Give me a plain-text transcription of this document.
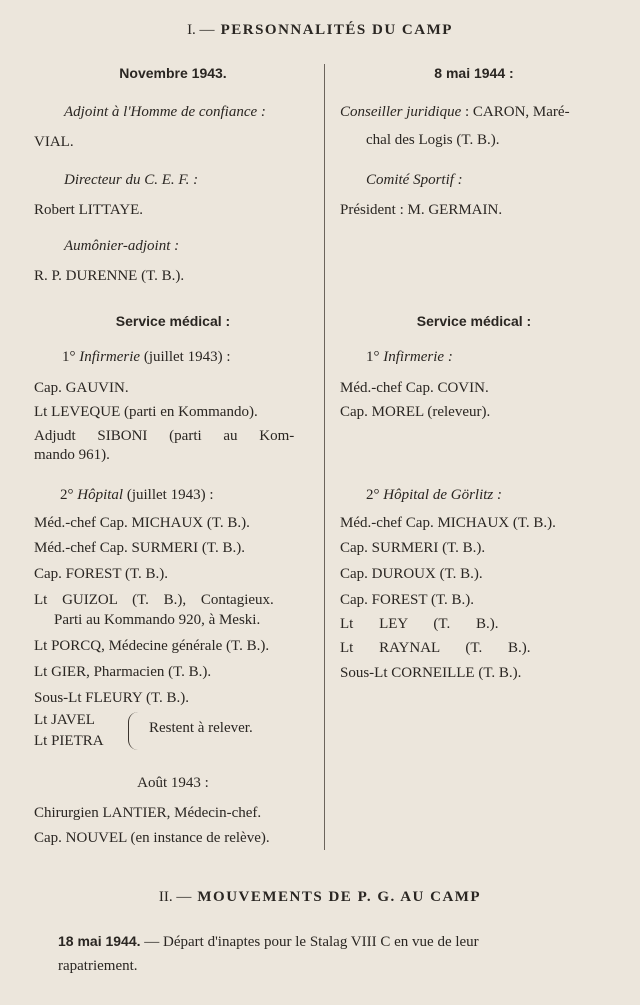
I. — PERSONNALITÉS DU CAMP
Novembre 1943.
Adjoint à l'Homme de confiance :
VIAL.
Directeur du C. E. F. :
Robert LITTAYE.
Aumônier-adjoint :
R. P. DURENNE (T. B.).
Service médical :
1° Infirmerie (juillet 1943) :
Cap. GAUVIN.
Lt LEVEQUE (parti en Kommando).
Adjudt SIBONI (parti au Kom-
mando 961).
2° Hôpital (juillet 1943) :
Méd.-chef Cap. MICHAUX (T. B.).
Méd.-chef Cap. SURMERI (T. B.).
Cap. FOREST (T. B.).
Lt GUIZOL (T. B.), Contagieux.
Parti au Kommando 920, à Meski.
Lt PORCQ, Médecine générale (T. B.).
Lt GIER, Pharmacien (T. B.).
Sous-Lt FLEURY (T. B.).
Lt JAVEL
Lt PIETRA
Restent à relever.
Août 1943 :
Chirurgien LANTIER, Médecin-chef.
Cap. NOUVEL (en instance de relève).
8 mai 1944 :
Conseiller juridique : CARON, Maré-
chal des Logis (T. B.).
Comité Sportif :
Président : M. GERMAIN.
Service médical :
1° Infirmerie :
Méd.-chef Cap. COVIN.
Cap. MOREL (releveur).
2° Hôpital de Görlitz :
Méd.-chef Cap. MICHAUX (T. B.).
Cap. SURMERI (T. B.).
Cap. DUROUX (T. B.).
Cap. FOREST (T. B.).
Lt LEY (T. B.).
Lt RAYNAL (T. B.).
Sous-Lt CORNEILLE (T. B.).
II. — MOUVEMENTS DE P. G. AU CAMP
18 mai 1944. — Départ d'inaptes pour le Stalag VIII C en vue de leur
rapatriement.
